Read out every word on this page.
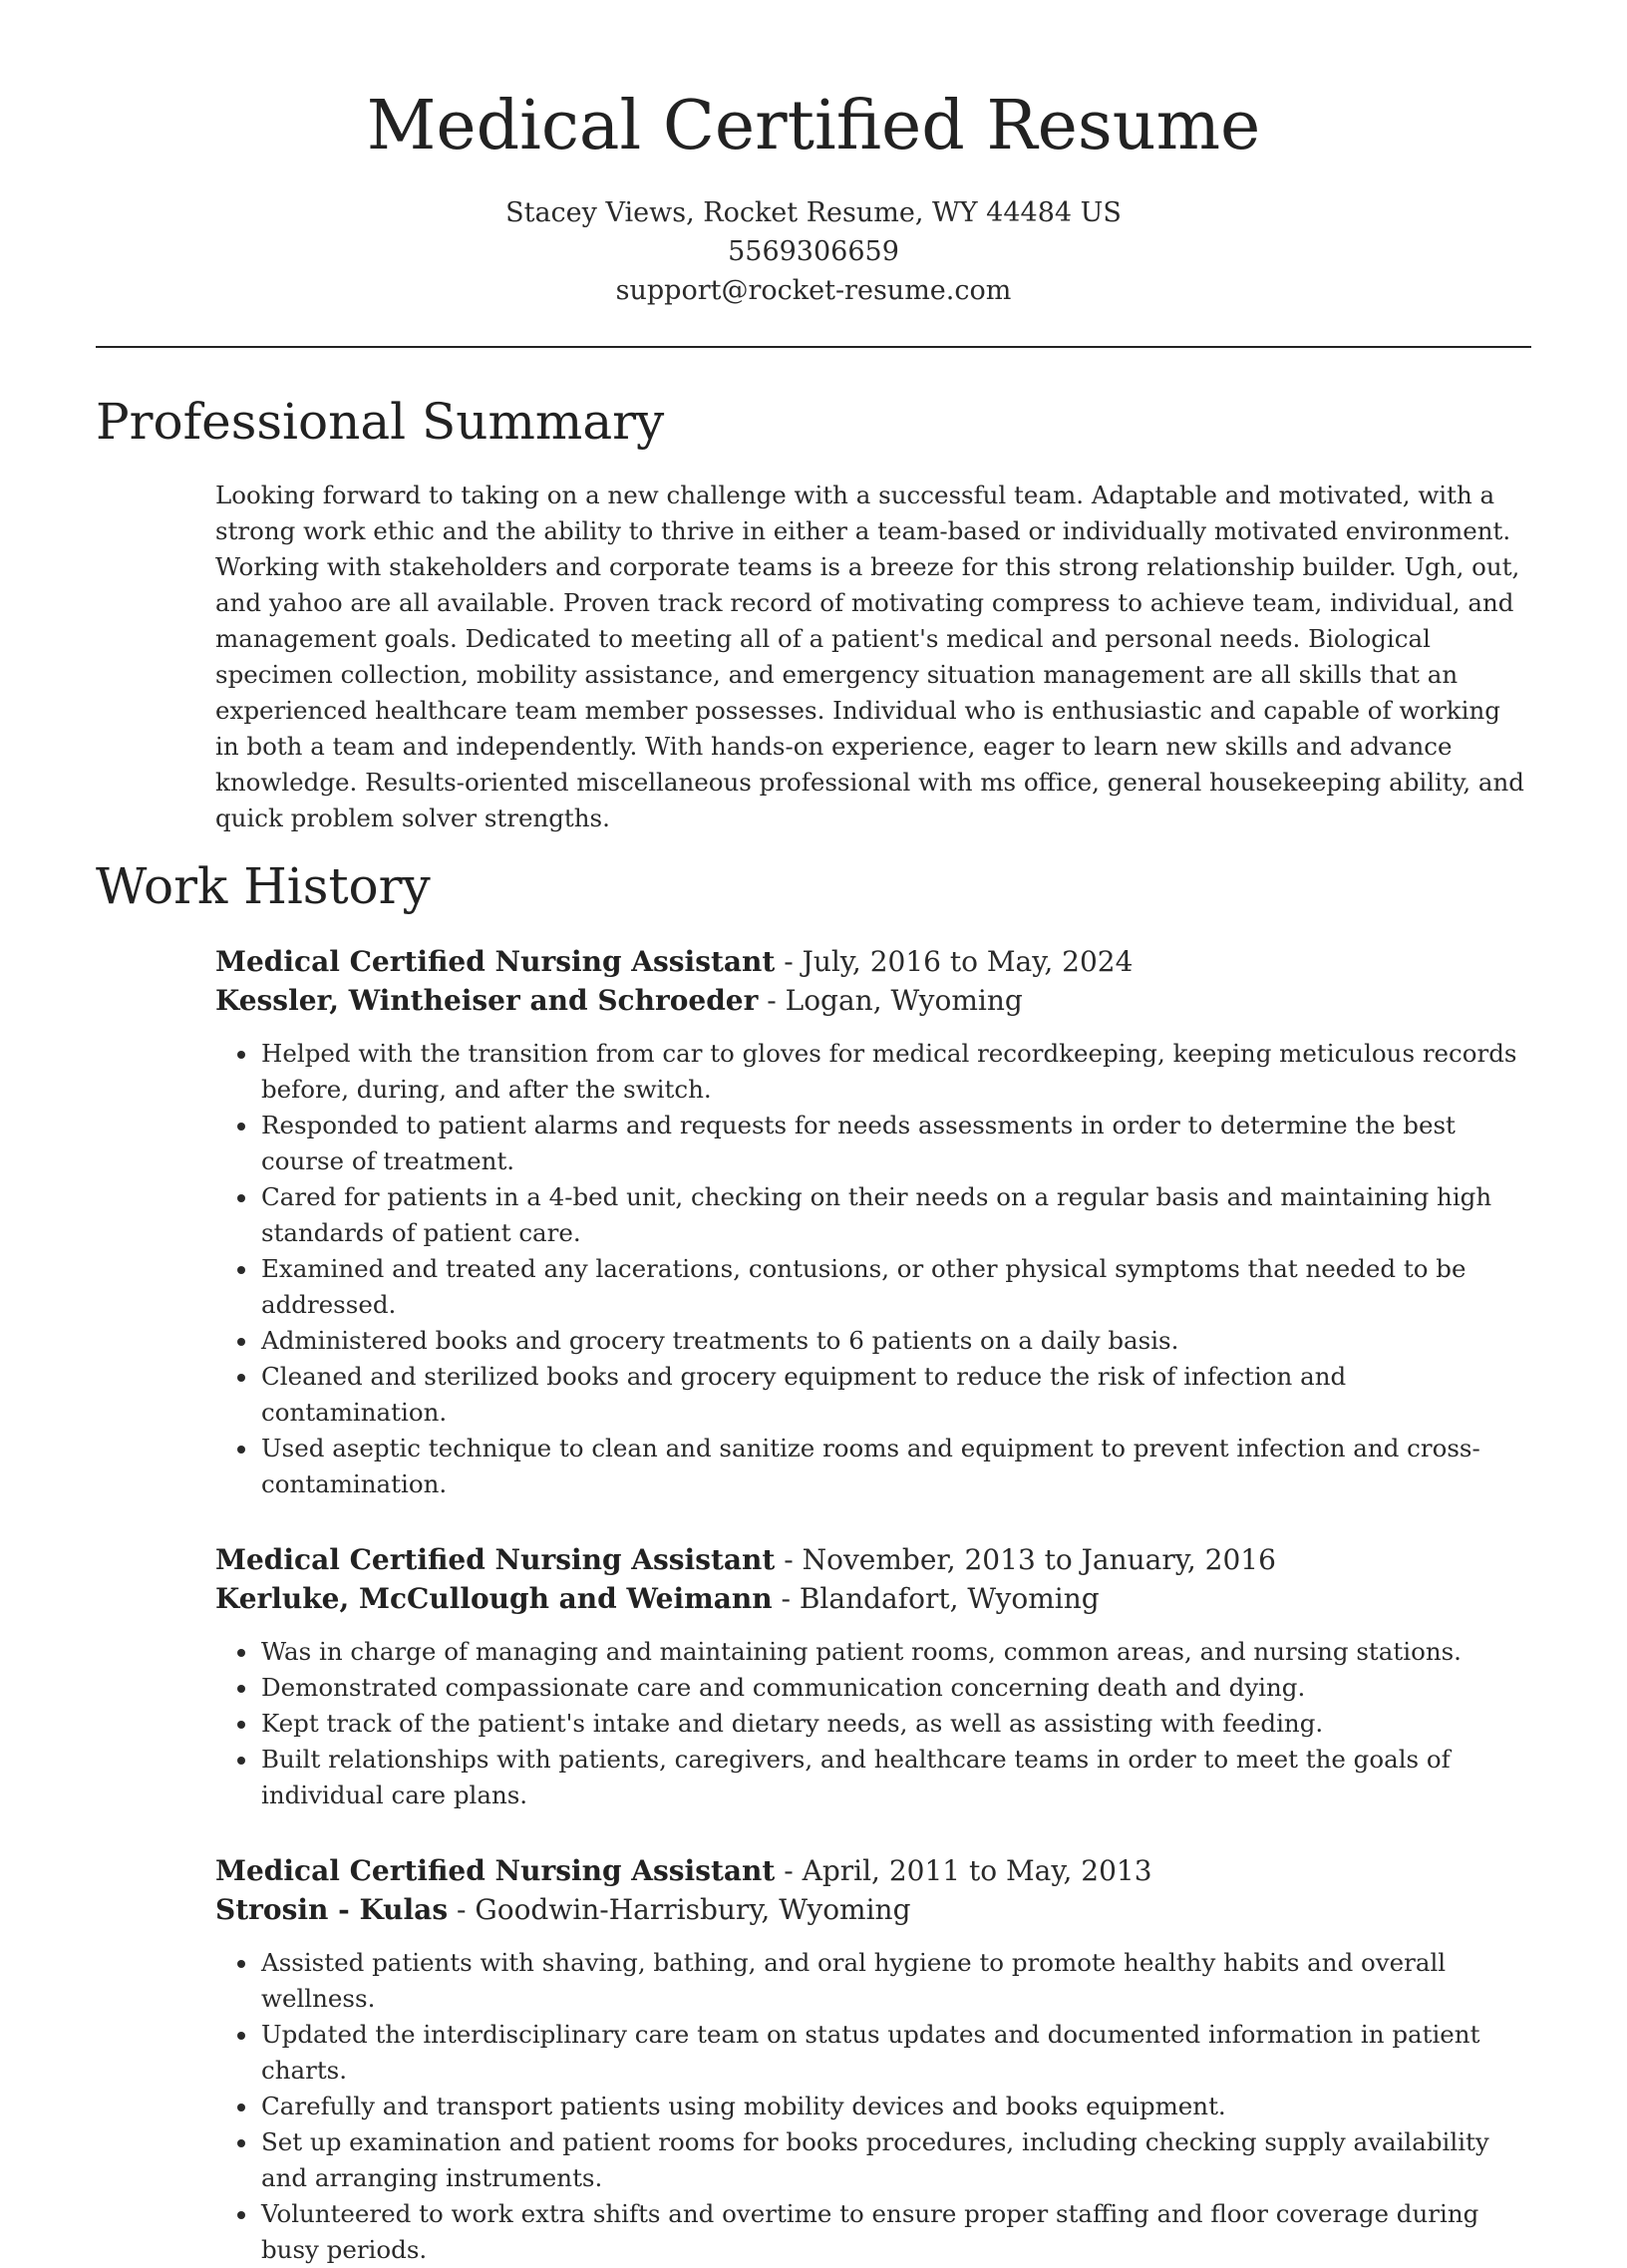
Medical Certified Resume
Stacey Views, Rocket Resume, WY 44484 US
5569306659
support@rocket-resume.com
Professional Summary

Looking forward to taking on a new challenge with a successful team. Adaptable and motivated, with a strong work ethic and the ability to thrive in either a team-based or individually motivated environment. Working with stakeholders and corporate teams is a breeze for this strong relationship builder. Ugh, out, and yahoo are all available. Proven track record of motivating compress to achieve team, individual, and management goals. Dedicated to meeting all of a patient's medical and personal needs. Biological specimen collection, mobility assistance, and emergency situation management are all skills that an experienced healthcare team member possesses. Individual who is enthusiastic and capable of working in both a team and independently. With hands-on experience, eager to learn new skills and advance knowledge. Results-oriented miscellaneous professional with ms office, general housekeeping ability, and quick problem solver strengths.

Work History
Medical Certified Nursing Assistant - July, 2016 to May, 2024
Kessler, Wintheiser and Schroeder - Logan, Wyoming
• Helped with the transition from car to gloves for medical recordkeeping, keeping meticulous records before, during, and after the switch.
• Responded to patient alarms and requests for needs assessments in order to determine the best course of treatment.
• Cared for patients in a 4-bed unit, checking on their needs on a regular basis and maintaining high standards of patient care.
• Examined and treated any lacerations, contusions, or other physical symptoms that needed to be addressed.
• Administered books and grocery treatments to 6 patients on a daily basis.
• Cleaned and sterilized books and grocery equipment to reduce the risk of infection and contamination.
• Used aseptic technique to clean and sanitize rooms and equipment to prevent infection and cross-contamination.
Medical Certified Nursing Assistant - November, 2013 to January, 2016
Kerluke, McCullough and Weimann - Blandafort, Wyoming
• Was in charge of managing and maintaining patient rooms, common areas, and nursing stations.
• Demonstrated compassionate care and communication concerning death and dying.
• Kept track of the patient's intake and dietary needs, as well as assisting with feeding.
• Built relationships with patients, caregivers, and healthcare teams in order to meet the goals of individual care plans.
Medical Certified Nursing Assistant - April, 2011 to May, 2013
Strosin - Kulas - Goodwin-Harrisbury, Wyoming
• Assisted patients with shaving, bathing, and oral hygiene to promote healthy habits and overall wellness.
• Updated the interdisciplinary care team on status updates and documented information in patient charts.
• Carefully and transport patients using mobility devices and books equipment.
• Set up examination and patient rooms for books procedures, including checking supply availability and arranging instruments.
• Volunteered to work extra shifts and overtime to ensure proper staffing and floor coverage during busy periods.
